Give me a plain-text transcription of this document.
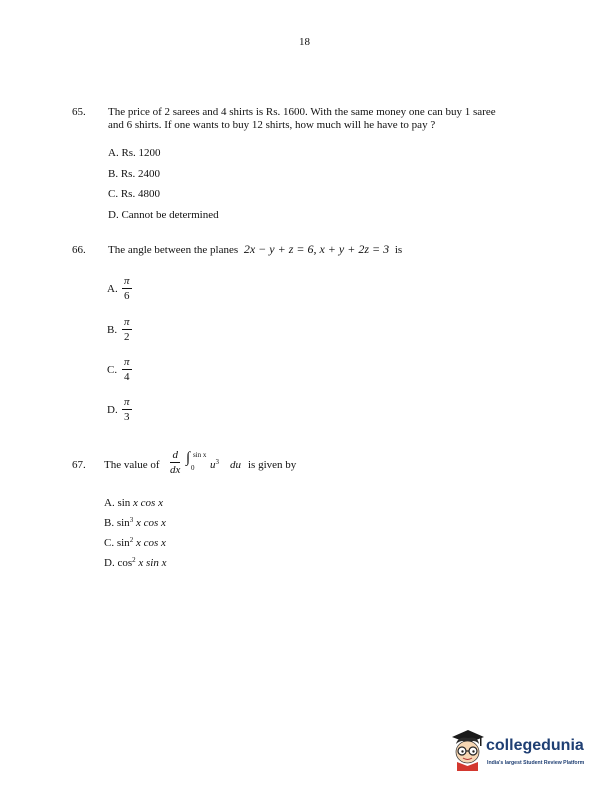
18
65. The price of 2 sarees and 4 shirts is Rs. 1600. With the same money one can buy 1 saree
and 6 shirts. If one wants to buy 12 shirts, how much will he have to pay ?
A. Rs. 1200
B. Rs. 2400
C. Rs. 4800
D. Cannot be determined
66. The angle between the planes 2x − y + z = 6, x + y + 2z = 3 is
A. $\frac{\pi}{6}$
B. $\frac{\pi}{2}$
C. $\frac{\pi}{4}$
D. $\frac{\pi}{3}$
67. The value of $\frac{d}{dx}$ ∫ sin x
0 $u^3$ du is given by
A. sin x cos x
B. $\sin^3 x$ cos x
C. $\sin^2 x$ cos x
D. $\cos^2 x$ sin x
collegedunia
India's largest Student Review Platform
